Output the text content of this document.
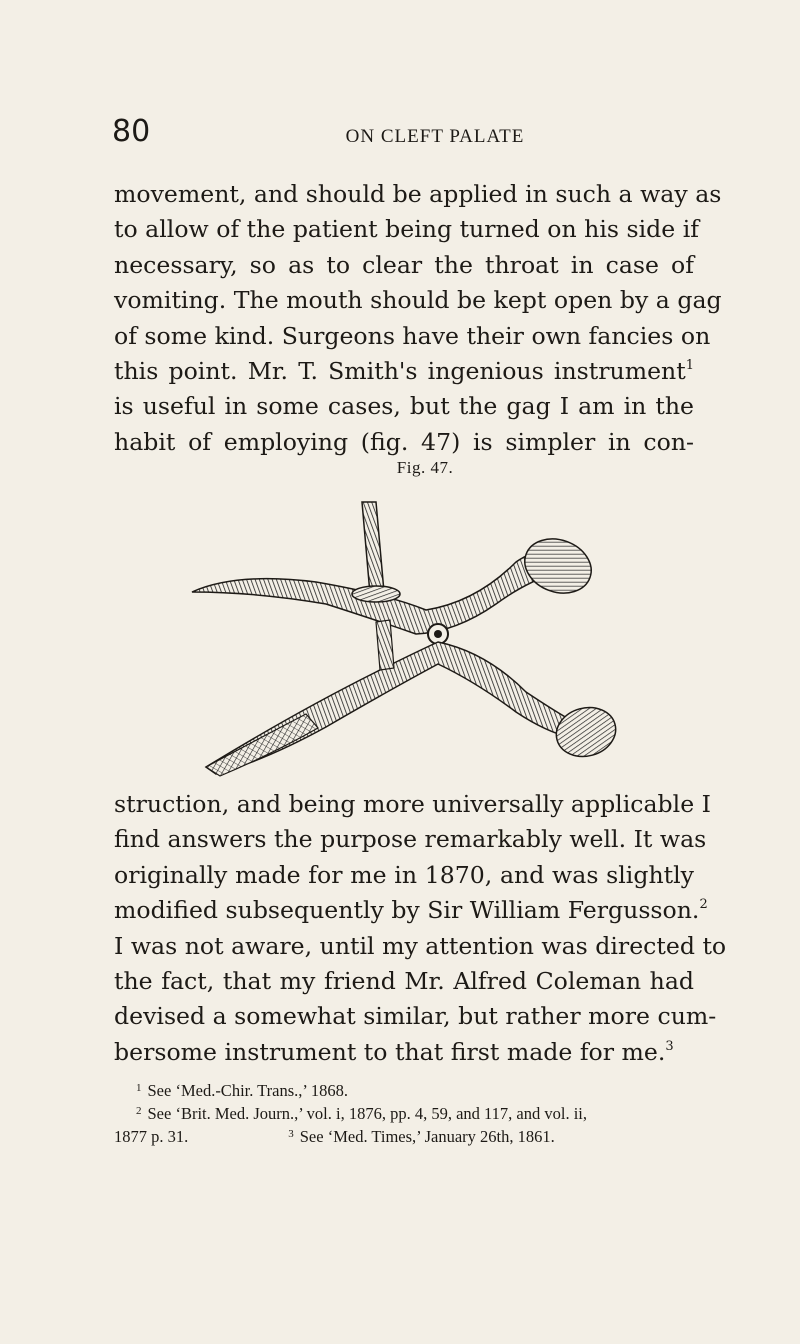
80	ON CLEFT PALATE
movement, and should be applied in such a way as
to allow of the patient being turned on his side if
necessary, so as to clear the throat in case of
vomiting. The mouth should be kept open by a gag
of some kind. Surgeons have their own fancies on
this point. Mr. T. Smith's ingenious instrument$^1$
is useful in some cases, but the gag I am in the
habit of employing (fig. 47) is simpler in con-
Fig. 47.
struction, and being more universally applicable I
find answers the purpose remarkably well. It was
originally made for me in 1870, and was slightly
modified subsequently by Sir William Fergusson.$^2$
I was not aware, until my attention was directed to
the fact, that my friend Mr. Alfred Coleman had
devised a somewhat similar, but rather more cum-
bersome instrument to that first made for me.$^3$
$^1$ See ‘Med.-Chir. Trans.,’ 1868.
$^2$ See ‘Brit. Med. Journ.,’ vol. i, 1876, pp. 4, 59, and 117, and vol. ii,
1877 p. 31.	$^3$ See ‘Med. Times,’ January 26th, 1861.
